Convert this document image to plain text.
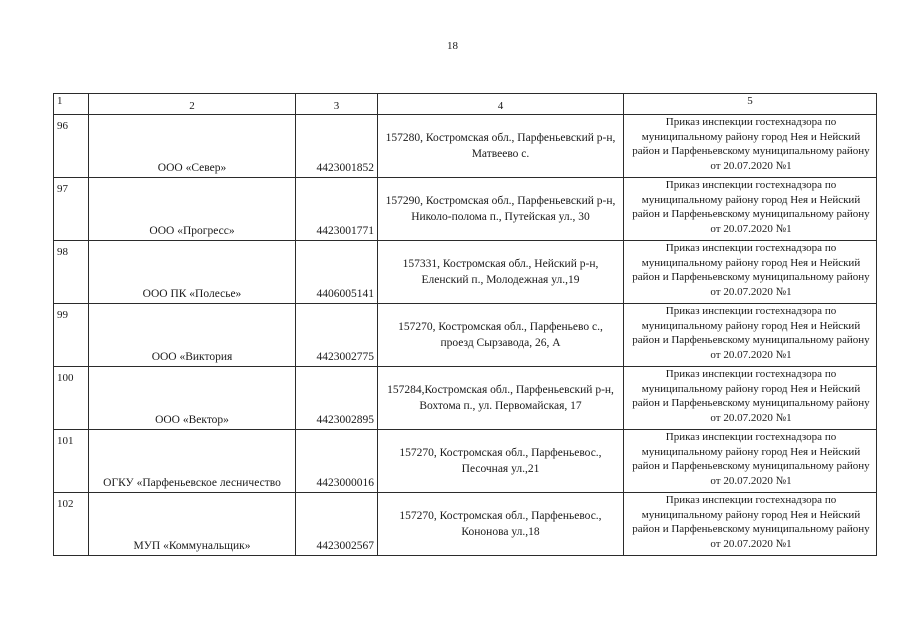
18
1	2	3	4	5
96	ООО «Север»	4423001852	157280, Костромская обл., Парфеньевский р-н, Матвеево с.	Приказ инспекции гостехнадзора по муниципальному району город Нея и Нейский район и Парфеньевскому муниципальному району от 20.07.2020 №1
97	ООО «Прогресс»	4423001771	157290, Костромская обл., Парфеньевский р-н, Николо-полома п., Путейская ул., 30	Приказ инспекции гостехнадзора по муниципальному району город Нея и Нейский район и Парфеньевскому муниципальному району от 20.07.2020 №1
98	ООО ПК «Полесье»	4406005141	157331, Костромская обл., Нейский р-н, Еленский п., Молодежная ул.,19	Приказ инспекции гостехнадзора по муниципальному району город Нея и Нейский район и Парфеньевскому муниципальному району от 20.07.2020 №1
99	ООО «Виктория	4423002775	157270, Костромская обл., Парфеньево с., проезд Сырзавода, 26, А	Приказ инспекции гостехнадзора по муниципальному району город Нея и Нейский район и Парфеньевскому муниципальному району от 20.07.2020 №1
100	ООО «Вектор»	4423002895	157284,Костромская обл., Парфеньевский р-н, Вохтома п., ул. Первомайская, 17	Приказ инспекции гостехнадзора по муниципальному району город Нея и Нейский район и Парфеньевскому муниципальному району от 20.07.2020 №1
101	ОГКУ «Парфеньевское лесничество	4423000016	157270, Костромская обл., Парфеньевос., Песочная ул.,21	Приказ инспекции гостехнадзора по муниципальному району город Нея и Нейский район и Парфеньевскому муниципальному району от 20.07.2020 №1
102	МУП «Коммунальщик»	4423002567	157270, Костромская обл., Парфеньевос., Кононова ул.,18	Приказ инспекции гостехнадзора по муниципальному району город Нея и Нейский район и Парфеньевскому муниципальному району от 20.07.2020 №1
